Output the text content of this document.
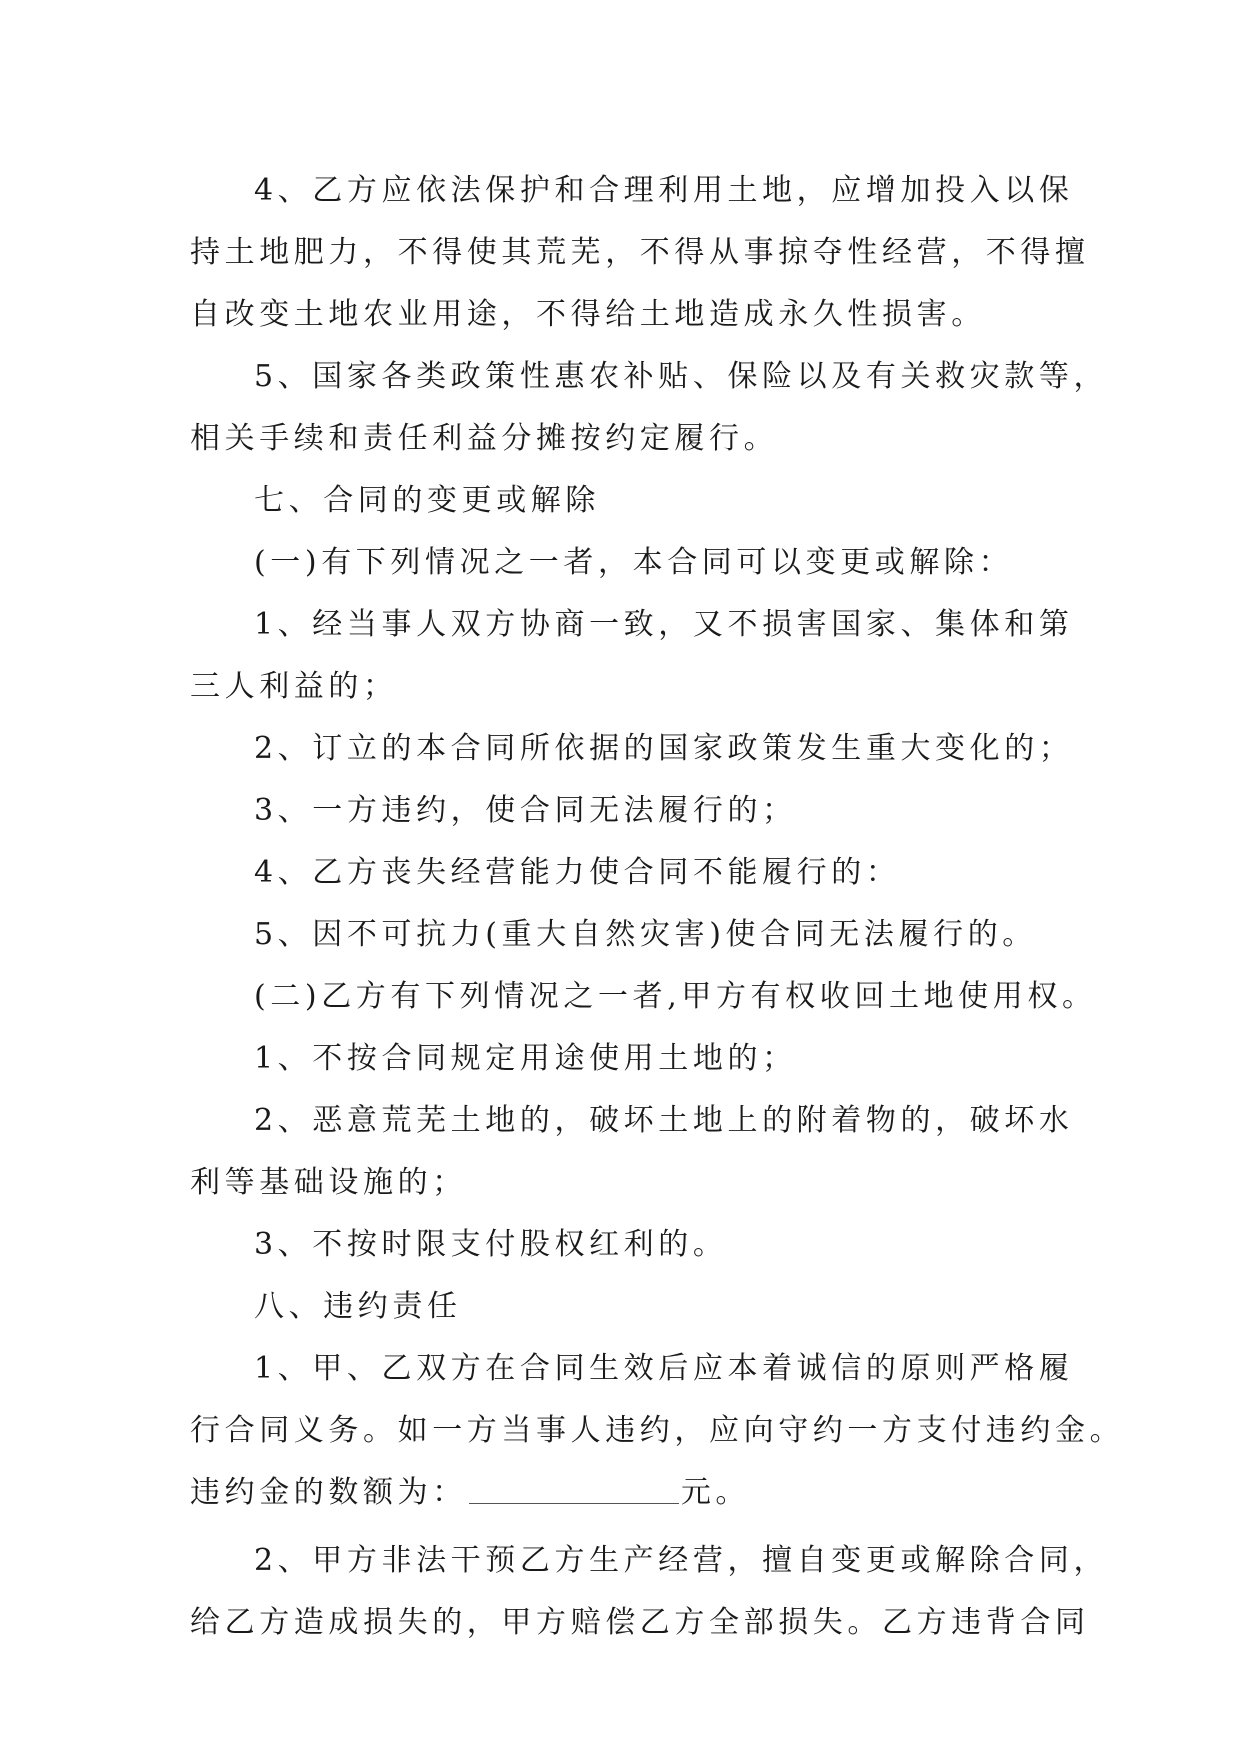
4、乙方应依法保护和合理利用土地，应增加投入以保
持土地肥力，不得使其荒芜，不得从事掠夺性经营，不得擅
自改变土地农业用途，不得给土地造成永久性损害。
5、国家各类政策性惠农补贴、保险以及有关救灾款等，
相关手续和责任利益分摊按约定履行。
七、合同的变更或解除
(一)有下列情况之一者，本合同可以变更或解除：
1、经当事人双方协商一致，又不损害国家、集体和第
三人利益的；
2、订立的本合同所依据的国家政策发生重大变化的；
3、一方违约，使合同无法履行的；
4、乙方丧失经营能力使合同不能履行的：
5、因不可抗力(重大自然灾害)使合同无法履行的。
(二)乙方有下列情况之一者,甲方有权收回土地使用权。
1、不按合同规定用途使用土地的；
2、恶意荒芜土地的，破坏土地上的附着物的，破坏水
利等基础设施的；
3、不按时限支付股权红利的。
八、违约责任
1、甲、乙双方在合同生效后应本着诚信的原则严格履
行合同义务。如一方当事人违约，应向守约一方支付违约金。
违约金的数额为：	元。
2、甲方非法干预乙方生产经营，擅自变更或解除合同，
给乙方造成损失的，甲方赔偿乙方全部损失。乙方违背合同
